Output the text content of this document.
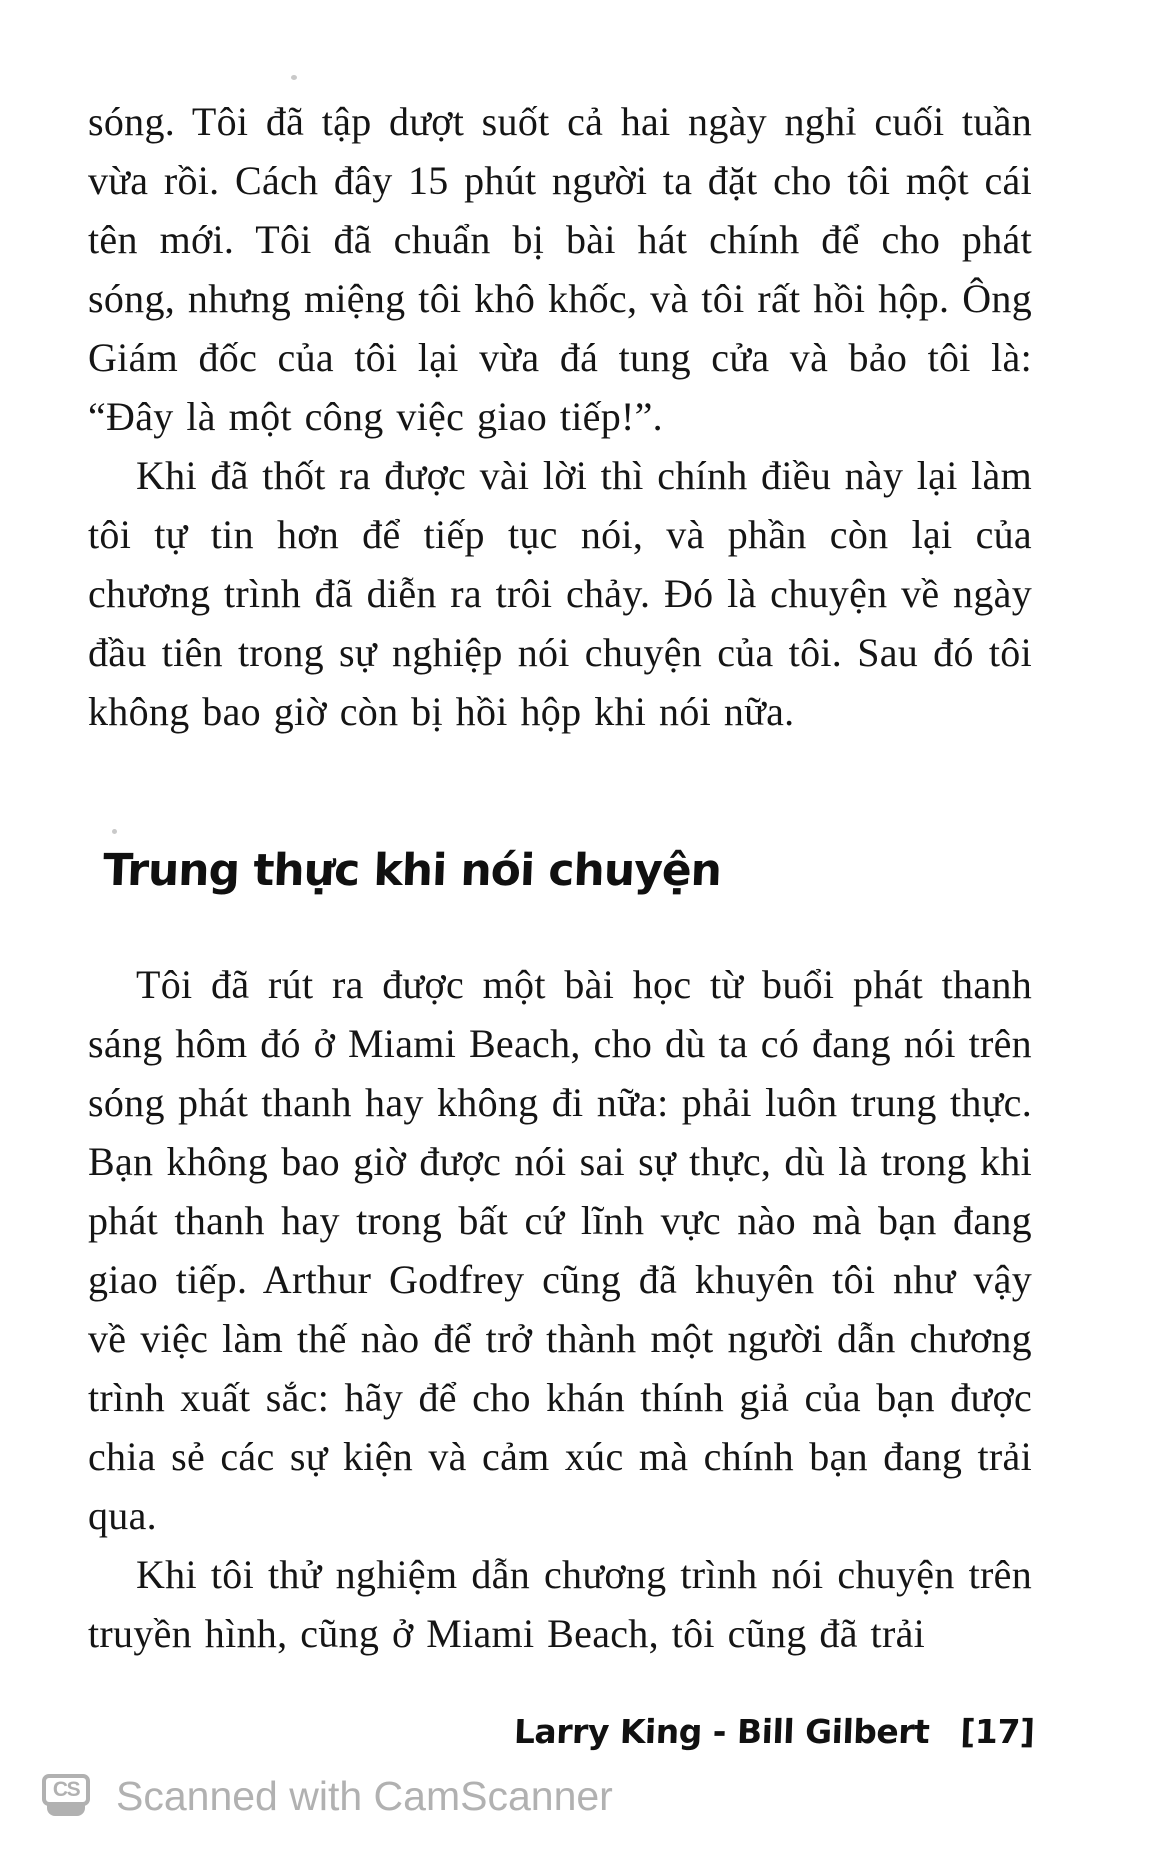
sóng. Tôi đã tập dượt suốt cả hai ngày nghỉ cuối tuần vừa rồi. Cách đây 15 phút người ta đặt cho tôi một cái tên mới. Tôi đã chuẩn bị bài hát chính để cho phát sóng, nhưng miệng tôi khô khốc, và tôi rất hồi hộp. Ông Giám đốc của tôi lại vừa đá tung cửa và bảo tôi là: “Đây là một công việc giao tiếp!”.

Khi đã thốt ra được vài lời thì chính điều này lại làm tôi tự tin hơn để tiếp tục nói, và phần còn lại của chương trình đã diễn ra trôi chảy. Đó là chuyện về ngày đầu tiên trong sự nghiệp nói chuyện của tôi. Sau đó tôi không bao giờ còn bị hồi hộp khi nói nữa.

Trung thực khi nói chuyện

Tôi đã rút ra được một bài học từ buổi phát thanh sáng hôm đó ở Miami Beach, cho dù ta có đang nói trên sóng phát thanh hay không đi nữa: phải luôn trung thực. Bạn không bao giờ được nói sai sự thực, dù là trong khi phát thanh hay trong bất cứ lĩnh vực nào mà bạn đang giao tiếp. Arthur Godfrey cũng đã khuyên tôi như vậy về việc làm thế nào để trở thành một người dẫn chương trình xuất sắc: hãy để cho khán thính giả của bạn được chia sẻ các sự kiện và cảm xúc mà chính bạn đang trải qua.

Khi tôi thử nghiệm dẫn chương trình nói chuyện trên truyền hình, cũng ở Miami Beach, tôi cũng đã trải

Larry King - Bill Gilbert [17]
CS Scanned with CamScanner
